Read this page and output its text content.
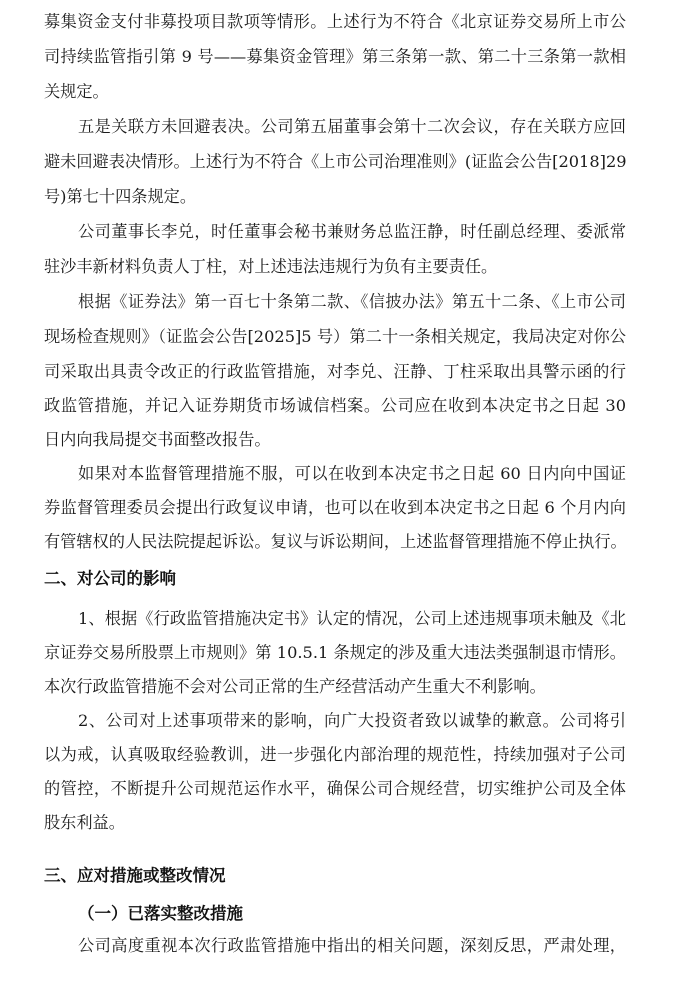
募集资金支付非募投项目款项等情形。上述行为不符合《北京证券交易所上市公
司持续监管指引第 9 号——募集资金管理》第三条第一款、第二十三条第一款相
关规定。
五是关联方未回避表决。公司第五届董事会第十二次会议，存在关联方应回
避未回避表决情形。上述行为不符合《上市公司治理准则》(证监会公告[2018]29
号)第七十四条规定。
公司董事长李兑，时任董事会秘书兼财务总监汪静，时任副总经理、委派常
驻沙丰新材料负责人丁柱，对上述违法违规行为负有主要责任。
根据《证券法》第一百七十条第二款、《信披办法》第五十二条、《上市公司
现场检查规则》（证监会公告[2025]5 号）第二十一条相关规定，我局决定对你公
司采取出具责令改正的行政监管措施，对李兑、汪静、丁柱采取出具警示函的行
政监管措施，并记入证券期货市场诚信档案。公司应在收到本决定书之日起 30
日内向我局提交书面整改报告。
如果对本监督管理措施不服，可以在收到本决定书之日起 60 日内向中国证
券监督管理委员会提出行政复议申请，也可以在收到本决定书之日起 6 个月内向
有管辖权的人民法院提起诉讼。复议与诉讼期间，上述监督管理措施不停止执行。
二、对公司的影响
1、根据《行政监管措施决定书》认定的情况，公司上述违规事项未触及《北
京证券交易所股票上市规则》第 10.5.1 条规定的涉及重大违法类强制退市情形。
本次行政监管措施不会对公司正常的生产经营活动产生重大不利影响。
2、公司对上述事项带来的影响，向广大投资者致以诚挚的歉意。公司将引
以为戒，认真吸取经验教训，进一步强化内部治理的规范性，持续加强对子公司
的管控，不断提升公司规范运作水平，确保公司合规经营，切实维护公司及全体
股东利益。
三、应对措施或整改情况
（一）已落实整改措施
公司高度重视本次行政监管措施中指出的相关问题，深刻反思，严肃处理，
